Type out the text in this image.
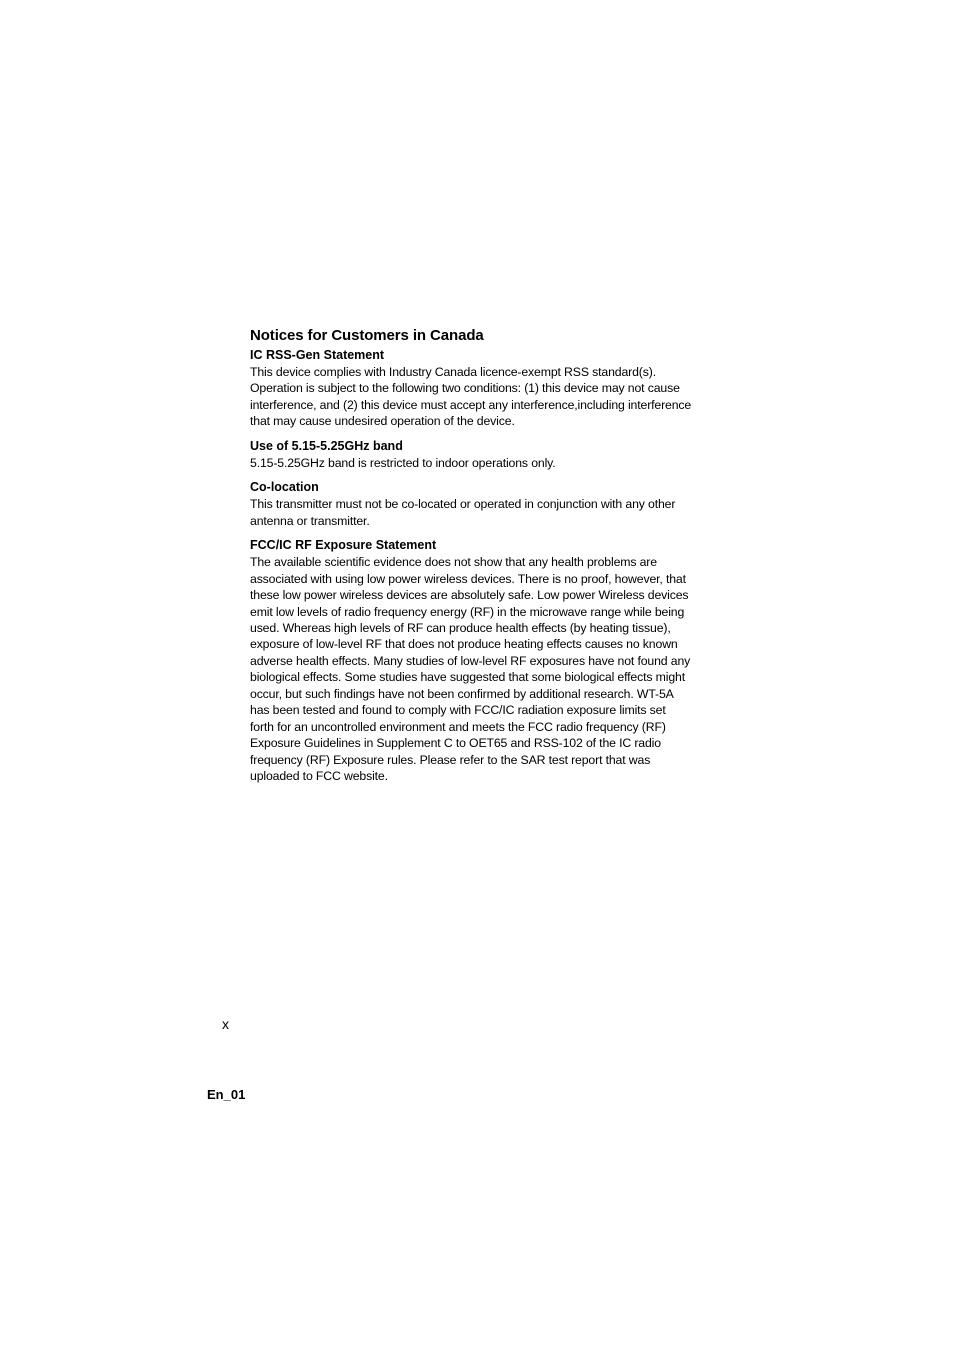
Notices for Customers in Canada
IC RSS-Gen Statement

This device complies with Industry Canada licence-exempt RSS standard(s). Operation is subject to the following two conditions: (1) this device may not cause interference, and (2) this device must accept any interference,including interference that may cause undesired operation of the device.

Use of 5.15-5.25GHz band

5.15-5.25GHz band is restricted to indoor operations only.

Co-location

This transmitter must not be co-located or operated in conjunction with any other antenna or transmitter.

FCC/IC RF Exposure Statement

The available scientific evidence does not show that any health problems are associated with using low power wireless devices. There is no proof, however, that these low power wireless devices are absolutely safe. Low power Wireless devices emit low levels of radio frequency energy (RF) in the microwave range while being used. Whereas high levels of RF can produce health effects (by heating tissue), exposure of low-level RF that does not produce heating effects causes no known adverse health effects. Many studies of low-level RF exposures have not found any biological effects. Some studies have suggested that some biological effects might occur, but such findings have not been confirmed by additional research. WT-5A has been tested and found to comply with FCC/IC radiation exposure limits set forth for an uncontrolled environment and meets the FCC radio frequency (RF) Exposure Guidelines in Supplement C to OET65 and RSS-102 of the IC radio frequency (RF) Exposure rules. Please refer to the SAR test report that was uploaded to FCC website.

x
En_01
